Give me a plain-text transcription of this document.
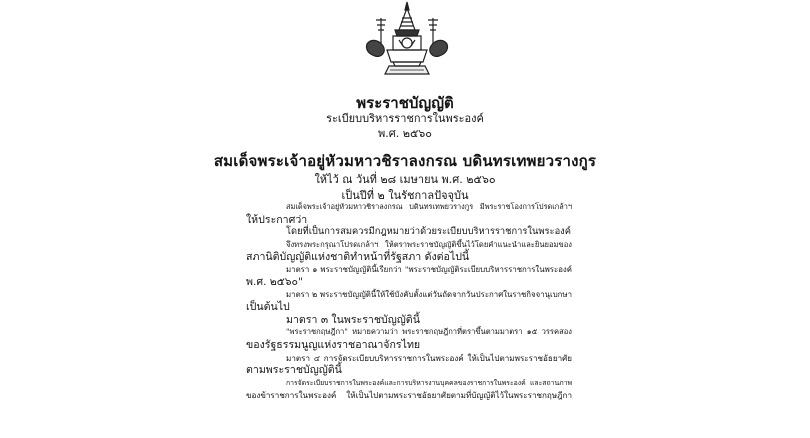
พระราชบัญญัติ
ระเบียบบริหารราชการในพระองค์
พ.ศ. ๒๕๖๐
สมเด็จพระเจ้าอยู่หัวมหาวชิราลงกรณ บดินทรเทพยวรางกูร
ให้ไว้ ณ วันที่ ๒๘ เมษายน พ.ศ. ๒๕๖๐
เป็นปีที่ ๒ ในรัชกาลปัจจุบัน
สมเด็จพระเจ้าอยู่หัวมหาวชิราลงกรณ บดินทรเทพยวรางกูร มีพระราชโองการโปรดเกล้าฯ
ให้ประกาศว่า
โดยที่เป็นการสมควรมีกฎหมายว่าด้วยระเบียบบริหารราชการในพระองค์
จึงทรงพระกรุณาโปรดเกล้าฯ ให้ตราพระราชบัญญัติขึ้นไว้โดยคำแนะนำและยินยอมของ
สภานิติบัญญัติแห่งชาติทำหน้าที่รัฐสภา ดังต่อไปนี้
มาตรา ๑ พระราชบัญญัตินี้เรียกว่า "พระราชบัญญัติระเบียบบริหารราชการในพระองค์
พ.ศ. ๒๕๖๐"
มาตรา ๒ พระราชบัญญัตินี้ให้ใช้บังคับตั้งแต่วันถัดจากวันประกาศในราชกิจจานุเบกษา
เป็นต้นไป
มาตรา ๓ ในพระราชบัญญัตินี้
"พระราชกฤษฎีกา" หมายความว่า พระราชกฤษฎีกาที่ตราขึ้นตามมาตรา ๑๕ วรรคสอง
ของรัฐธรรมนูญแห่งราชอาณาจักรไทย
มาตรา ๔ การจัดระเบียบบริหารราชการในพระองค์ ให้เป็นไปตามพระราชอัธยาศัย
ตามพระราชบัญญัตินี้
การจัดระเบียบราชการในพระองค์และการบริหารงานบุคคลของราชการในพระองค์ และสถานภาพ
ของข้าราชการในพระองค์ ให้เป็นไปตามพระราชอัธยาศัยตามที่บัญญัติไว้ในพระราชกฤษฎีกา
